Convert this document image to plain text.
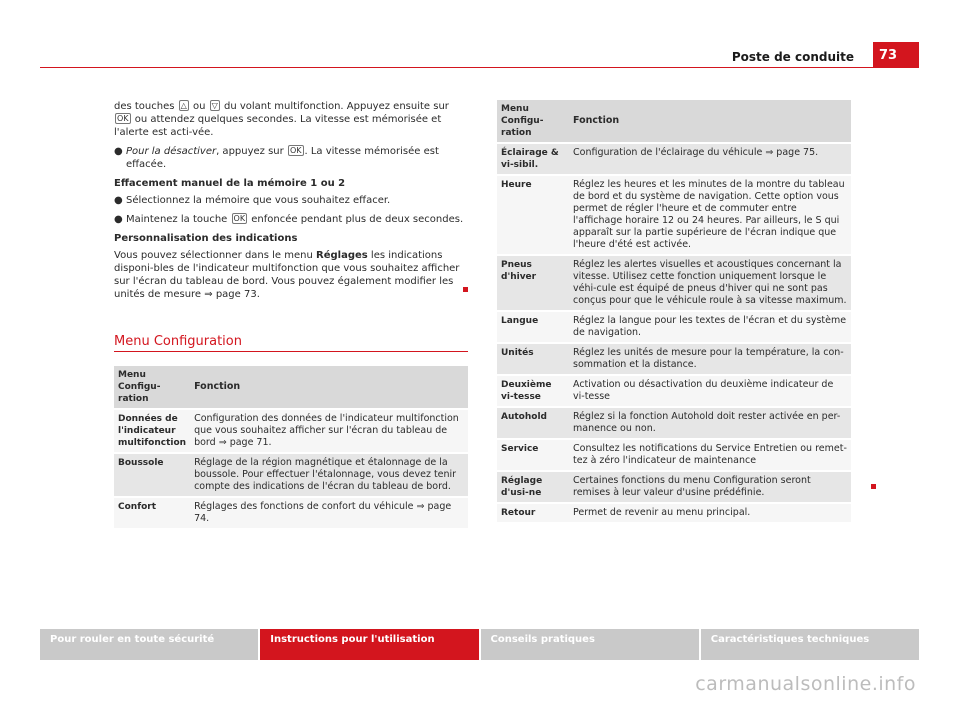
Poste de conduite	73

des touches △ ou ▽ du volant multifonction. Appuyez ensuite sur OK ou attendez quelques secondes. La vitesse est mémorisée et l'alerte est acti-vée.

● Pour la désactiver, appuyez sur OK . La vitesse mémorisée est effacée.
Effacement manuel de la mémoire 1 ou 2
● Sélectionnez la mémoire que vous souhaitez effacer.
● Maintenez la touche OK enfoncée pendant plus de deux secondes.
Personnalisation des indications

Vous pouvez sélectionner dans le menu Réglages les indications disponi-bles de l'indicateur multifonction que vous souhaitez afficher sur l'écran du tableau de bord. Vous pouvez également modifier les unités de mesure ⇒ page 73.

Menu Configuration
Menu Configu-ration	Fonction
Données de l'indicateur multifonction	Configuration des données de l'indicateur multifonction que vous souhaitez afficher sur l'écran du tableau de bord ⇒ page 71.
Boussole	Réglage de la région magnétique et étalonnage de la boussole. Pour effectuer l'étalonnage, vous devez tenir compte des indications de l'écran du tableau de bord.
Confort	Réglages des fonctions de confort du véhicule ⇒ page 74.
Menu Configu-ration	Fonction
Éclairage & vi-sibil.	Configuration de l'éclairage du véhicule ⇒ page 75.
Heure	Réglez les heures et les minutes de la montre du tableau de bord et du système de navigation. Cette option vous permet de régler l'heure et de commuter entre l'affichage horaire 12 ou 24 heures. Par ailleurs, le S qui apparaît sur la partie supérieure de l'écran indique que l'heure d'été est activée.
Pneus d'hiver	Réglez les alertes visuelles et acoustiques concernant la vitesse. Utilisez cette fonction uniquement lorsque le véhi-cule est équipé de pneus d'hiver qui ne sont pas conçus pour que le véhicule roule à sa vitesse maximum.
Langue	Réglez la langue pour les textes de l'écran et du système de navigation.
Unités	Réglez les unités de mesure pour la température, la con-sommation et la distance.
Deuxième vi-tesse	Activation ou désactivation du deuxième indicateur de vi-tesse
Autohold	Réglez si la fonction Autohold doit rester activée en per-manence ou non.
Service	Consultez les notifications du Service Entretien ou remet-tez à zéro l'indicateur de maintenance
Réglage d'usi-ne	Certaines fonctions du menu Configuration seront remises à leur valeur d'usine prédéfinie.
Retour	Permet de revenir au menu principal.
Pour rouler en toute sécurité	Instructions pour l'utilisation	Conseils pratiques	Caractéristiques techniques
carmanualsonline.info
